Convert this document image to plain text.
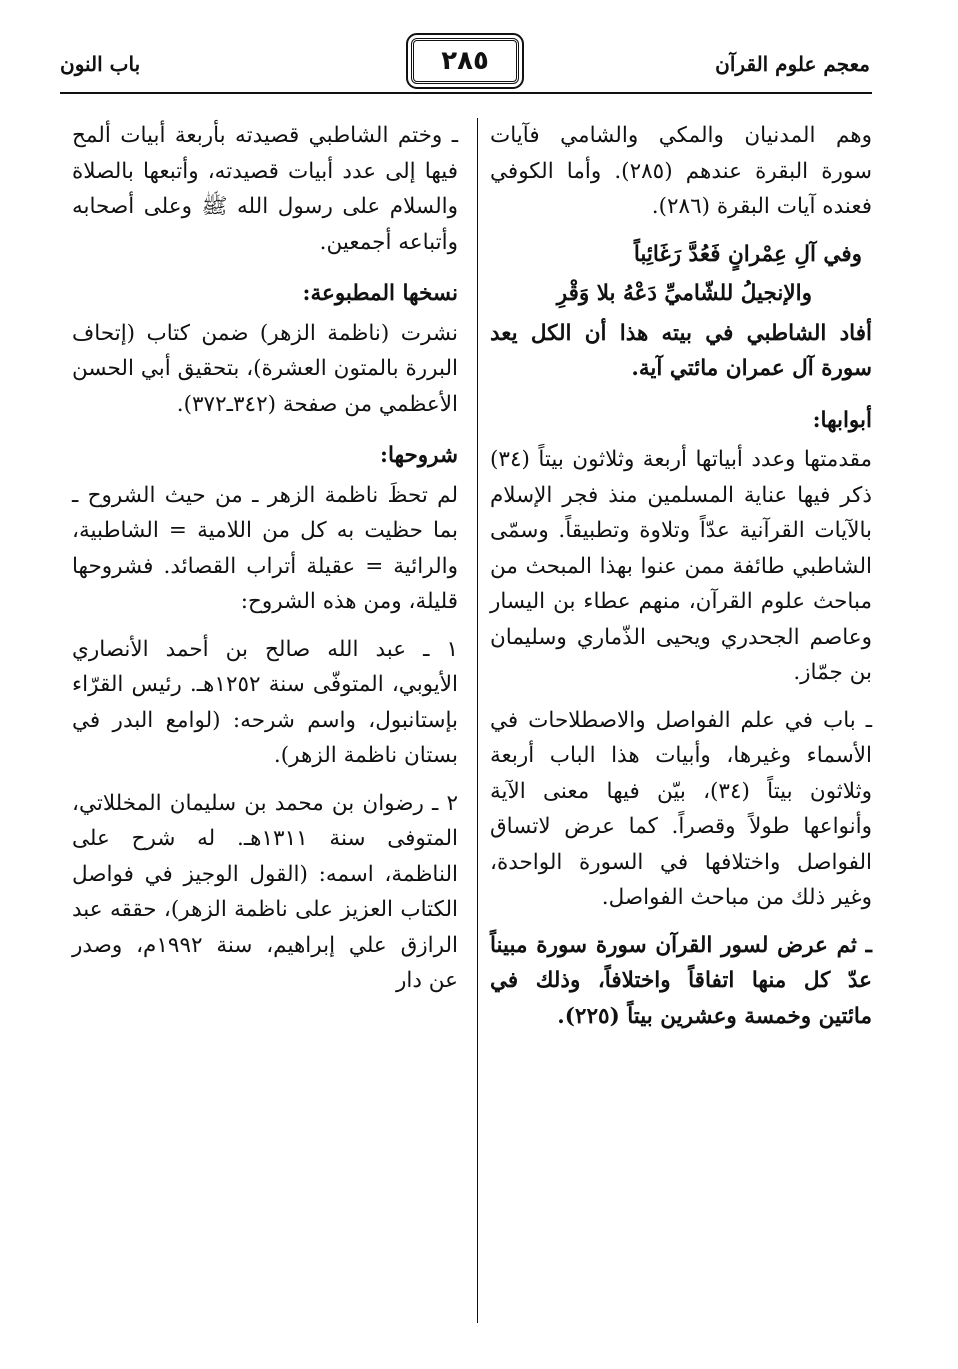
معجم علوم القرآن
٢٨٥
باب النون

وهم المدنيان والمكي والشامي فآيات سورة البقرة عندهم (٢٨٥). وأما الكوفي فعنده آيات البقرة (٢٨٦).

وفي آلِ عِمْرانٍ فَعُدَّ رَغَائِباً

والإنجيلُ للشّاميِّ دَعْهُ بلا وَقْرِ

أفاد الشاطبي في بيته هذا أن الكل يعد سورة آل عمران مائتي آية.

أبوابها:

مقدمتها وعدد أبياتها أربعة وثلاثون بيتاً (٣٤) ذكر فيها عناية المسلمين منذ فجر الإسلام بالآيات القرآنية عدّاً وتلاوة وتطبيقاً. وسمّى الشاطبي طائفة ممن عنوا بهذا المبحث من مباحث علوم القرآن، منهم عطاء بن اليسار وعاصم الجحدري ويحيى الذّماري وسليمان بن جمّاز.

ـ باب في علم الفواصل والاصطلاحات في الأسماء وغيرها، وأبيات هذا الباب أربعة وثلاثون بيتاً (٣٤)، بيّن فيها معنى الآية وأنواعها طولاً وقصراً. كما عرض لاتساق الفواصل واختلافها في السورة الواحدة، وغير ذلك من مباحث الفواصل.

ـ ثم عرض لسور القرآن سورة سورة مبيناً عدّ كل منها اتفاقاً واختلافاً، وذلك في مائتين وخمسة وعشرين بيتاً (٢٢٥).

ـ وختم الشاطبي قصيدته بأربعة أبيات ألمح فيها إلى عدد أبيات قصيدته، وأتبعها بالصلاة والسلام على رسول الله ﷺ وعلى أصحابه وأتباعه أجمعين.

نسخها المطبوعة:

نشرت (ناظمة الزهر) ضمن كتاب (إتحاف البررة بالمتون العشرة)، بتحقيق أبي الحسن الأعظمي من صفحة (٣٤٢ـ٣٧٢).

شروحها:

لم تحظَ ناظمة الزهر ـ من حيث الشروح ـ بما حظيت به كل من اللامية = الشاطبية، والرائية = عقيلة أتراب القصائد. فشروحها قليلة، ومن هذه الشروح:

١ ـ عبد الله صالح بن أحمد الأنصاري الأيوبي، المتوفّى سنة ١٢٥٢هـ. رئيس القرّاء بإستانبول، واسم شرحه: (لوامع البدر في بستان ناظمة الزهر).

٢ ـ رضوان بن محمد بن سليمان المخللاتي، المتوفى سنة ١٣١١هـ. له شرح على الناظمة، اسمه: (القول الوجيز في فواصل الكتاب العزيز على ناظمة الزهر)، حققه عبد الرازق علي إبراهيم، سنة ١٩٩٢م، وصدر عن دار
